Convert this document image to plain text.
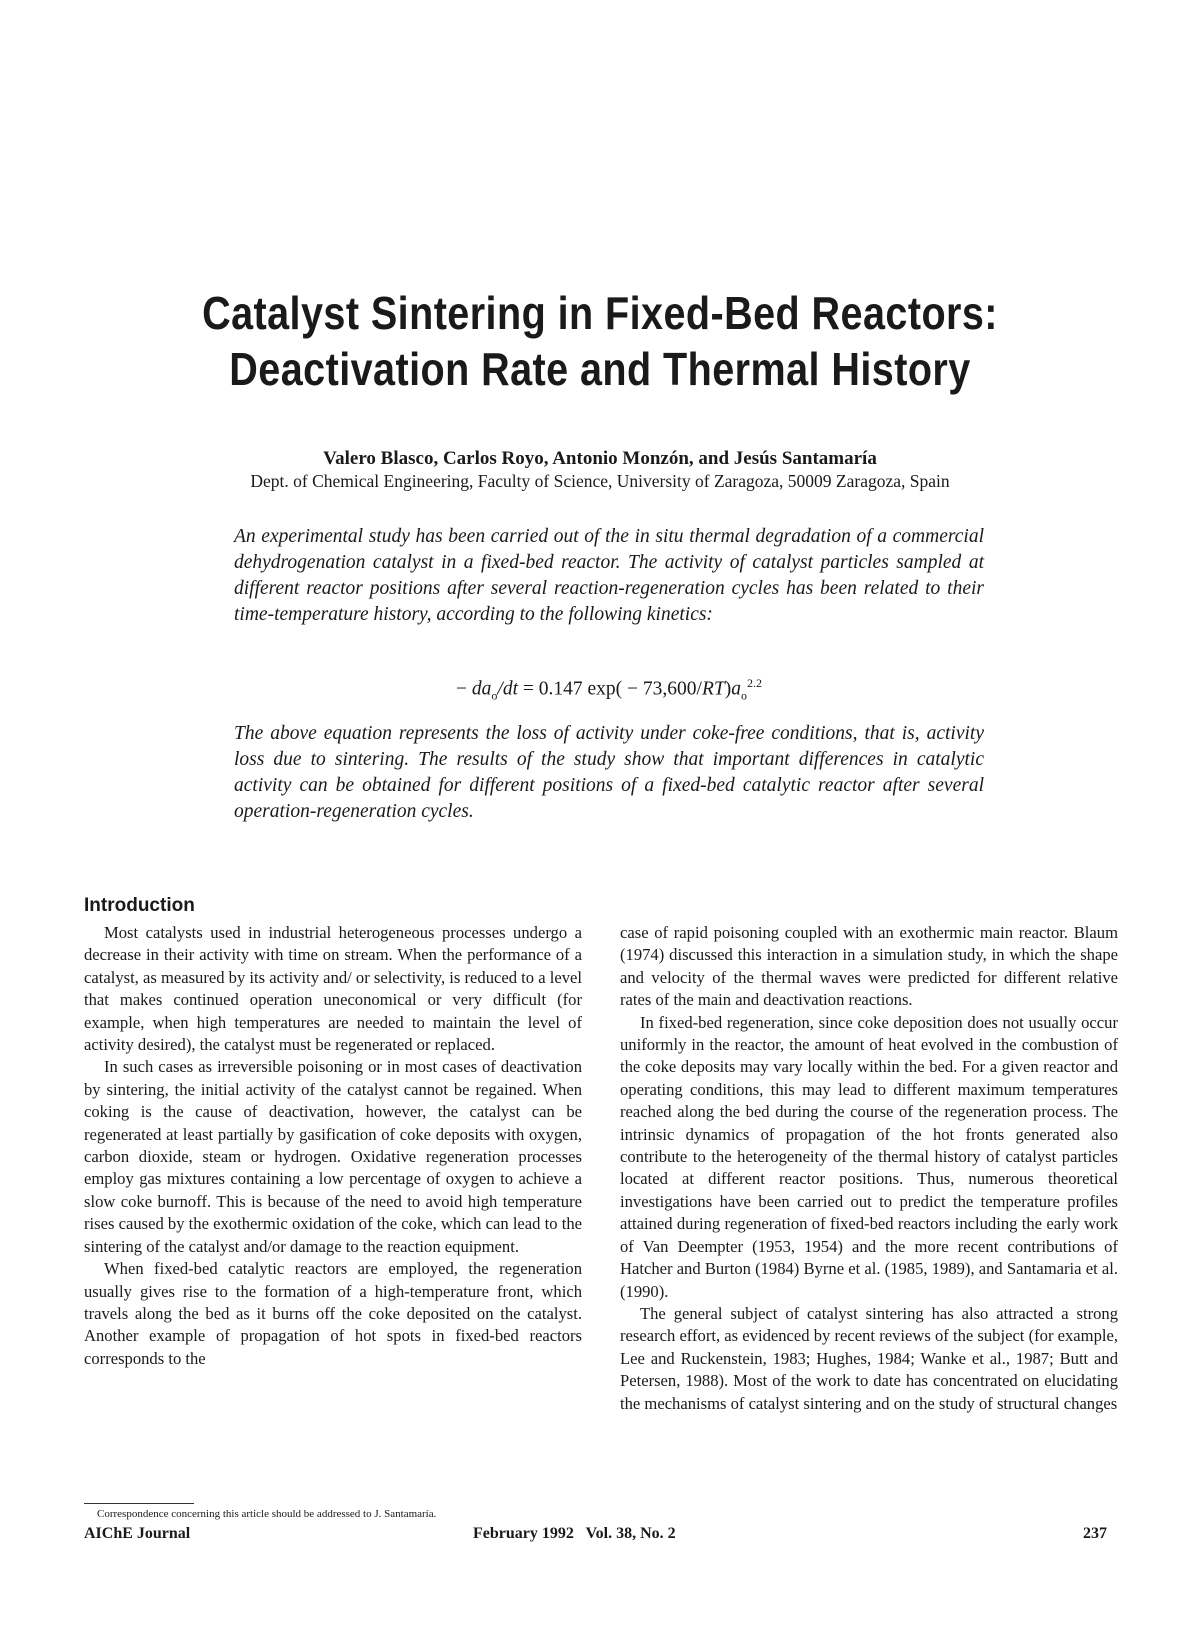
Catalyst Sintering in Fixed-Bed Reactors:
Deactivation Rate and Thermal History
Valero Blasco, Carlos Royo, Antonio Monzón, and Jesús Santamaría
Dept. of Chemical Engineering, Faculty of Science, University of Zaragoza, 50009 Zaragoza, Spain
An experimental study has been carried out of the in situ thermal degradation of a commercial dehydrogenation catalyst in a fixed-bed reactor. The activity of catalyst particles sampled at different reactor positions after several reaction-regeneration cycles has been related to their time-temperature history, according to the following kinetics:
− $da_o/dt = 0.147$ $\exp( - 73,600/RT)a_o^{2.2}$
The above equation represents the loss of activity under coke-free conditions, that is, activity loss due to sintering. The results of the study show that important differences in catalytic activity can be obtained for different positions of a fixed-bed catalytic reactor after several operation-regeneration cycles.
Introduction

Most catalysts used in industrial heterogeneous processes undergo a decrease in their activity with time on stream. When the performance of a catalyst, as measured by its activity and/ or selectivity, is reduced to a level that makes continued operation uneconomical or very difficult (for example, when high temperatures are needed to maintain the level of activity desired), the catalyst must be regenerated or replaced.

In such cases as irreversible poisoning or in most cases of deactivation by sintering, the initial activity of the catalyst cannot be regained. When coking is the cause of deactivation, however, the catalyst can be regenerated at least partially by gasification of coke deposits with oxygen, carbon dioxide, steam or hydrogen. Oxidative regeneration processes employ gas mixtures containing a low percentage of oxygen to achieve a slow coke burnoff. This is because of the need to avoid high temperature rises caused by the exothermic oxidation of the coke, which can lead to the sintering of the catalyst and/or damage to the reaction equipment.

When fixed-bed catalytic reactors are employed, the regeneration usually gives rise to the formation of a high-temperature front, which travels along the bed as it burns off the coke deposited on the catalyst. Another example of propagation of hot spots in fixed-bed reactors corresponds to the

case of rapid poisoning coupled with an exothermic main reactor. Blaum (1974) discussed this interaction in a simulation study, in which the shape and velocity of the thermal waves were predicted for different relative rates of the main and deactivation reactions.

In fixed-bed regeneration, since coke deposition does not usually occur uniformly in the reactor, the amount of heat evolved in the combustion of the coke deposits may vary locally within the bed. For a given reactor and operating conditions, this may lead to different maximum temperatures reached along the bed during the course of the regeneration process. The intrinsic dynamics of propagation of the hot fronts generated also contribute to the heterogeneity of the thermal history of catalyst particles located at different reactor positions. Thus, numerous theoretical investigations have been carried out to predict the temperature profiles attained during regeneration of fixed-bed reactors including the early work of Van Deempter (1953, 1954) and the more recent contributions of Hatcher and Burton (1984) Byrne et al. (1985, 1989), and Santamaria et al. (1990).

The general subject of catalyst sintering has also attracted a strong research effort, as evidenced by recent reviews of the subject (for example, Lee and Ruckenstein, 1983; Hughes, 1984; Wanke et al., 1987; Butt and Petersen, 1988). Most of the work to date has concentrated on elucidating the mechanisms of catalyst sintering and on the study of structural changes

Correspondence concerning this article should be addressed to J. Santamaría.
AIChE Journal	February 1992   Vol. 38, No. 2	237
